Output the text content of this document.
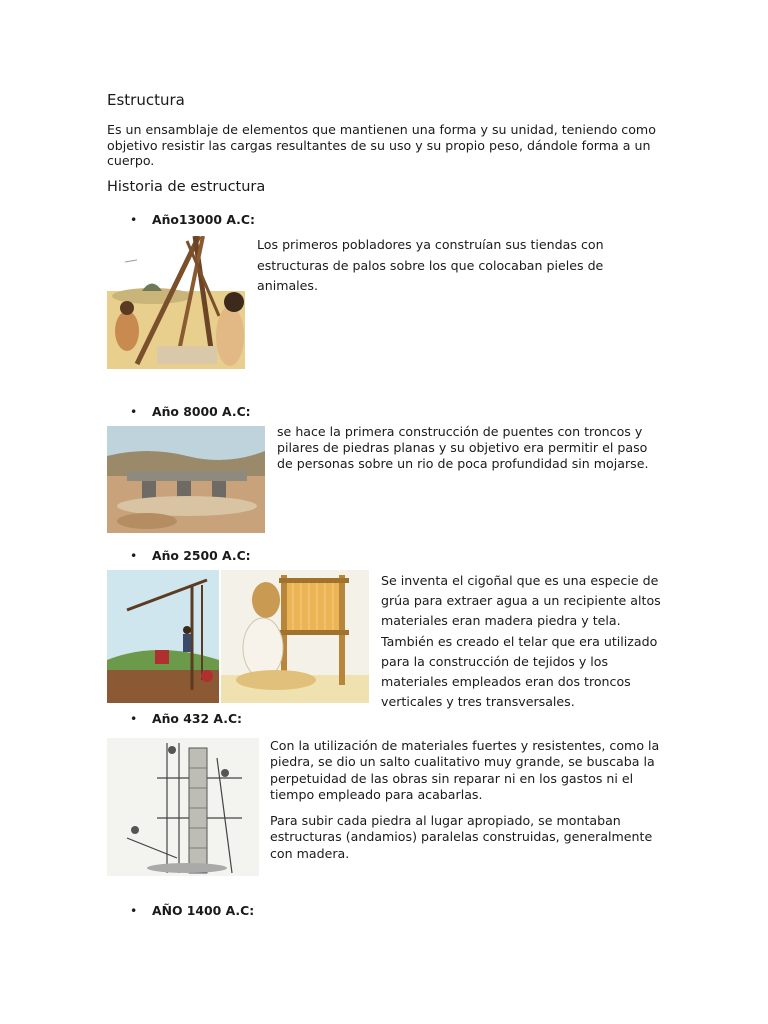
Estructura

Es un ensamblaje de elementos que mantienen una forma y su unidad, teniendo como objetivo resistir las cargas resultantes de su uso y su propio peso, dándole forma a un cuerpo.

Historia de estructura
• Año13000 A.C:

Los primeros pobladores ya construían sus tiendas con estructuras de palos sobre los que colocaban pieles de animales.

• Año 8000 A.C:

se hace la primera construcción de puentes con troncos y pilares de piedras planas y su objetivo era permitir el paso de personas sobre un rio de poca profundidad sin mojarse.

• Año 2500 A.C:

Se inventa el cigoñal que es una especie de grúa para extraer agua a un recipiente altos materiales eran madera piedra y tela. También es creado el telar que era utilizado para la construcción de tejidos y los materiales empleados eran dos troncos verticales y tres transversales.

• Año 432 A.C:

Con la utilización de materiales fuertes y resistentes, como la piedra, se dio un salto cualitativo muy grande, se buscaba la perpetuidad de las obras sin reparar ni en los gastos ni el tiempo empleado para acabarlas.

Para subir cada piedra al lugar apropiado, se montaban estructuras (andamios) paralelas construidas, generalmente con madera.

• AÑO 1400 A.C:
